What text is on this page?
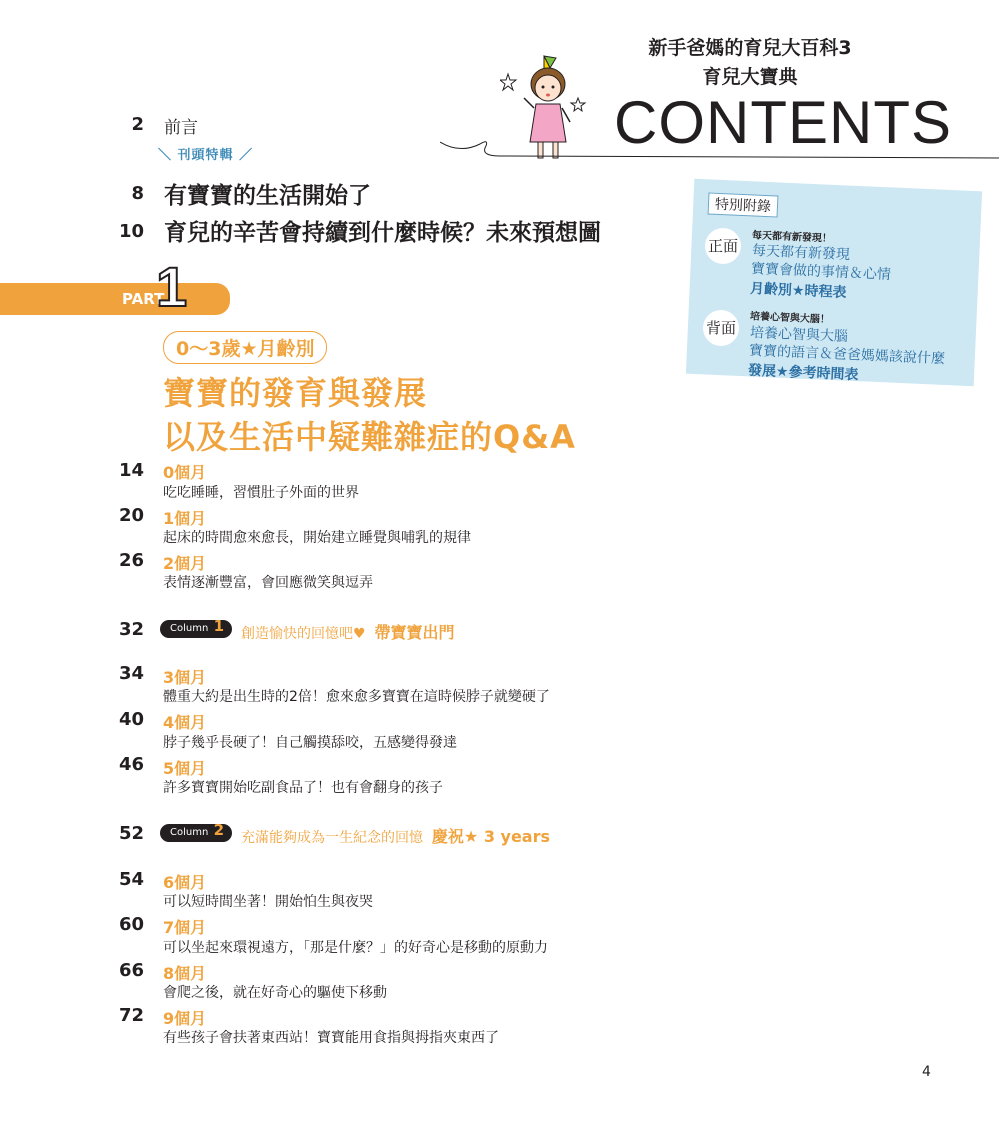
新手爸媽的育兒大百科3
育兒大寶典
CONTENTS
2 前言
＼ 刊頭特輯 ／
8 有寶寶的生活開始了
10 育兒的辛苦會持續到什麼時候？未來預想圖
特別附錄
正面	每天都有新發現！
每天都有新發現
寶寶會做的事情＆心情
月齡別★時程表
背面
培養心智與大腦！
培養心智與大腦
寶寶的語言＆爸爸媽媽該說什麼
發展★參考時間表
PART
1
0〜3歲★月齡別
寶寶的發育與發展
以及生活中疑難雜症的Q&A
14 0個月
吃吃睡睡，習慣肚子外面的世界
20 1個月
起床的時間愈來愈長，開始建立睡覺與哺乳的規律
26 2個月
表情逐漸豐富，會回應微笑與逗弄
32	Column 1 創造愉快的回憶吧♥ 帶寶寶出門
34 3個月
體重大約是出生時的2倍！愈來愈多寶寶在這時候脖子就變硬了
40 4個月
脖子幾乎長硬了！自己觸摸舔咬，五感變得發達
46 5個月
許多寶寶開始吃副食品了！也有會翻身的孩子
52	Column 2 充滿能夠成為一生紀念的回憶 慶祝★ 3 years
54 6個月
可以短時間坐著！開始怕生與夜哭
60 7個月
可以坐起來環視遠方，「那是什麼？」的好奇心是移動的原動力
66 8個月
會爬之後，就在好奇心的驅使下移動
72 9個月
有些孩子會扶著東西站！寶寶能用食指與拇指夾東西了
4
